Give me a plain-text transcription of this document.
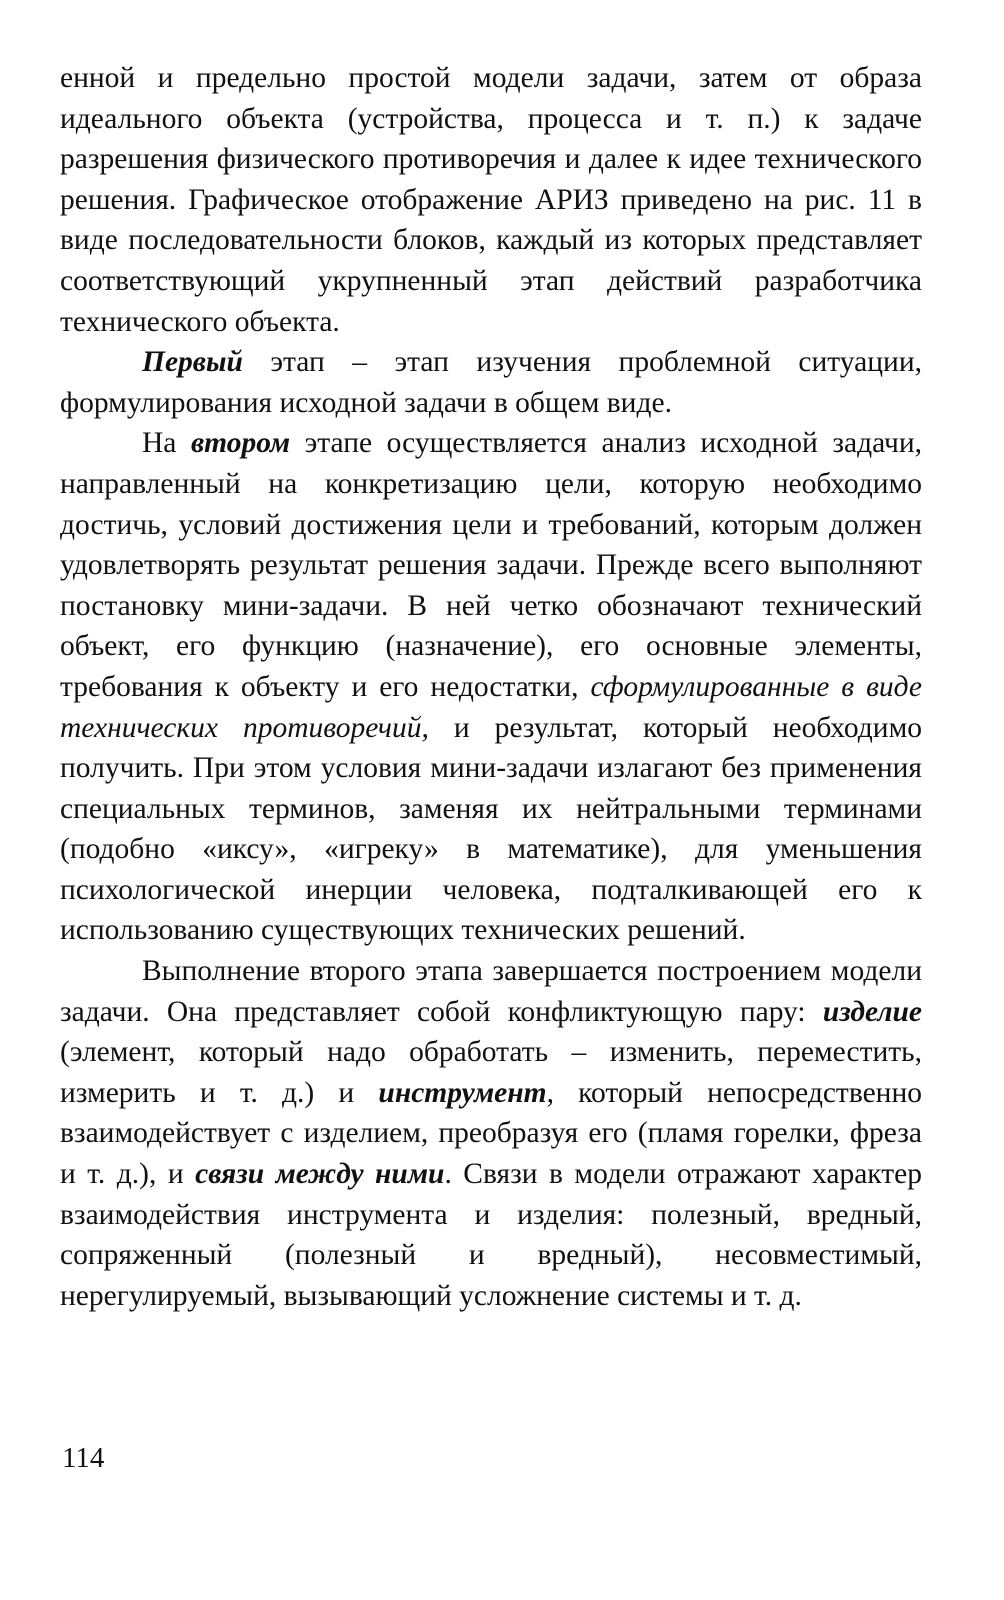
енной и предельно простой модели задачи, затем от образа идеального объекта (устройства, процесса и т. п.) к задаче разрешения физического противоречия и далее к идее технического решения. Графическое отображение АРИЗ приведено на рис. 11 в виде последовательности блоков, каждый из которых представляет соответствующий укрупненный этап действий разработчика технического объекта.

Первый этап – этап изучения проблемной ситуации, формулирования исходной задачи в общем виде.

На втором этапе осуществляется анализ исходной задачи, направленный на конкретизацию цели, которую необходимо достичь, условий достижения цели и требований, которым должен удовлетворять результат решения задачи. Прежде всего выполняют постановку мини-задачи. В ней четко обозначают технический объект, его функцию (назначение), его основные элементы, требования к объекту и его недостатки, сформулированные в виде технических противоречий, и результат, который необходимо получить. При этом условия мини-задачи излагают без применения специальных терминов, заменяя их нейтральными терминами (подобно «иксу», «игреку» в математике), для уменьшения психологической инерции человека, подталкивающей его к использованию существующих технических решений.

Выполнение второго этапа завершается построением модели задачи. Она представляет собой конфликтующую пару: изделие (элемент, который надо обработать – изменить, переместить, измерить и т. д.) и инструмент, который непосредственно взаимодействует с изделием, преобразуя его (пламя горелки, фреза и т. д.), и связи между ними. Связи в модели отражают характер взаимодействия инструмента и изделия: полезный, вредный, сопряженный (полезный и вредный), несовместимый, нерегулируемый, вызывающий усложнение системы и т. д.

114
